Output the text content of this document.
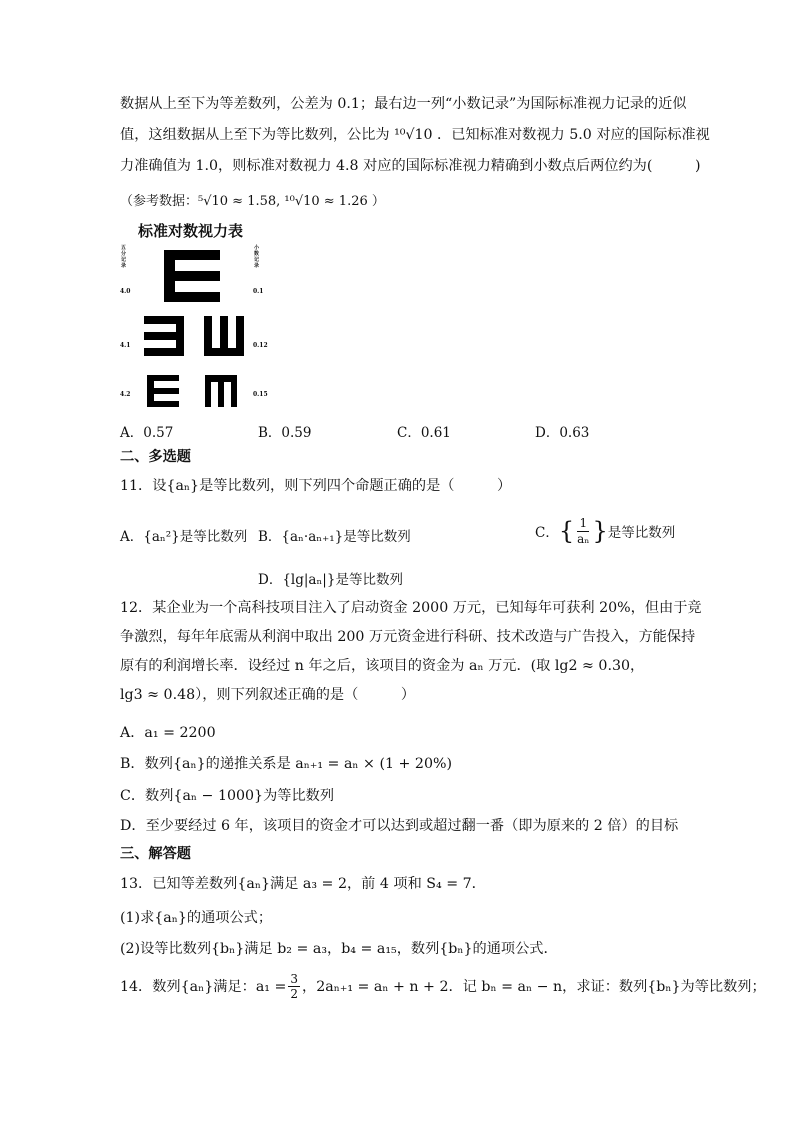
数据从上至下为等差数列，公差为 0.1；最右边一列“小数记录”为国际标准视力记录的近似
值，这组数据从上至下为等比数列，公比为 ¹⁰√10 ．已知标准对数视力 5.0 对应的国际标准视
力准确值为 1.0，则标准对数视力 4.8 对应的国际标准视力精确到小数点后两位约为(　　　)
（参考数据：⁵√10 ≈ 1.58, ¹⁰√10 ≈ 1.26 ）
标准对数视力表
五分记录
小数记录
4.0	0.1
4.1	0.12
4.2	0.15
A．0.57	B．0.59	C．0.61	D．0.63
二、多选题
11．设{aₙ}是等比数列，则下列四个命题正确的是（　　　）
A．{aₙ²}是等比数列 B．{aₙ·aₙ₊₁}是等比数列	C． { $\frac{1}{\text{aₙ}}$ } 是等比数列
D．{lg|aₙ|}是等比数列
12．某企业为一个高科技项目注入了启动资金 2000 万元，已知每年可获利 20%，但由于竞
争激烈，每年年底需从利润中取出 200 万元资金进行科研、技术改造与广告投入，方能保持
原有的利润增长率．设经过 n 年之后，该项目的资金为 aₙ 万元．(取 lg2 ≈ 0.30，
lg3 ≈ 0.48），则下列叙述正确的是（　　　）
A．a₁ = 2200
B．数列{aₙ}的递推关系是 aₙ₊₁ = aₙ × (1 + 20%)
C．数列{aₙ − 1000}为等比数列
D．至少要经过 6 年，该项目的资金才可以达到或超过翻一番（即为原来的 2 倍）的目标
三、解答题
13．已知等差数列{aₙ}满足 a₃ = 2，前 4 项和 S₄ = 7．
(1)求{aₙ}的通项公式；
(2)设等比数列{bₙ}满足 b₂ = a₃，b₄ = a₁₅，数列{bₙ}的通项公式．
14．数列{aₙ}满足：$a_1 = \frac{3}{2}$ ，2aₙ₊₁ = aₙ + n + 2．记 bₙ = aₙ − n，求证：数列{bₙ}为等比数列；
